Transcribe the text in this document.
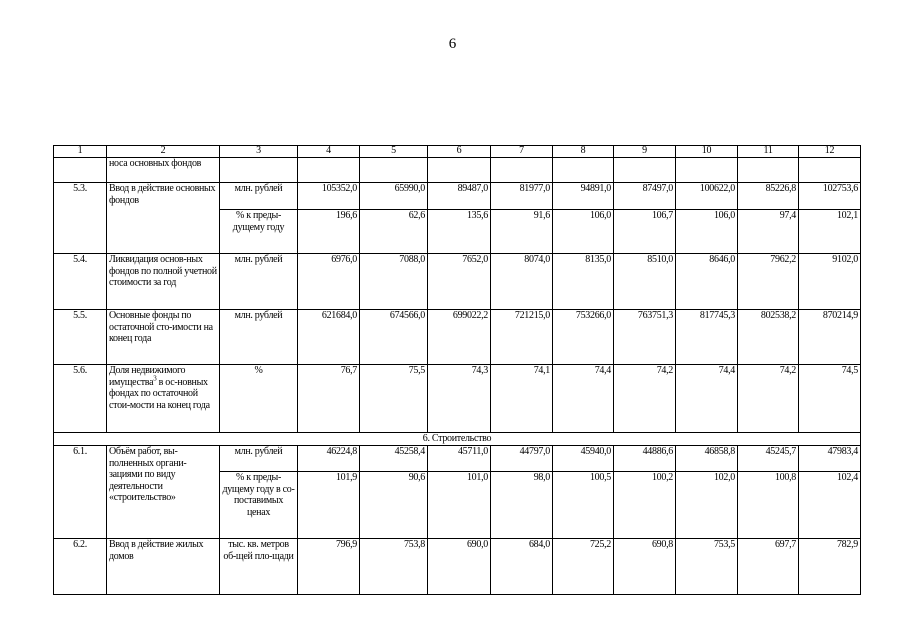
6
1	2	3	4	5	6	7	8	9	10	11	12
	носа основных фондов										
5.3.	Ввод в действие основных фондов	млн. рублей	105352,0	65990,0	89487,0	81977,0	94891,0	87497,0	100622,0	85226,8	102753,6
		% к преды-дущему году	196,6	62,6	135,6	91,6	106,0	106,7	106,0	97,4	102,1
5.4.	Ликвидация основ-ных фондов по полной учетной стоимости за год	млн. рублей	6976,0	7088,0	7652,0	8074,0	8135,0	8510,0	8646,0	7962,2	9102,0
5.5.	Основные фонды по остаточной сто-имости на конец года	млн. рублей	621684,0	674566,0	699022,2	721215,0	753266,0	763751,3	817745,3	802538,2	870214,9
5.6.	Доля недвижимого имущества$^3$ в ос-новных фондах по остаточной стои-мости на конец года	%	76,7	75,5	74,3	74,1	74,4	74,2	74,4	74,2	74,5
6. Строительство											
6.1.	Объём работ, вы-полненных органи-зациями по виду деятельности «строительство»	млн. рублей	46224,8	45258,4	45711,0	44797,0	45940,0	44886,6	46858,8	45245,7	47983,4
		% к преды-дущему году в со-поставимых ценах	101,9	90,6	101,0	98,0	100,5	100,2	102,0	100,8	102,4
6.2.	Ввод в действие жилых домов	тыс. кв. метров об-щей пло-щади	796,9	753,8	690,0	684,0	725,2	690,8	753,5	697,7	782,9
